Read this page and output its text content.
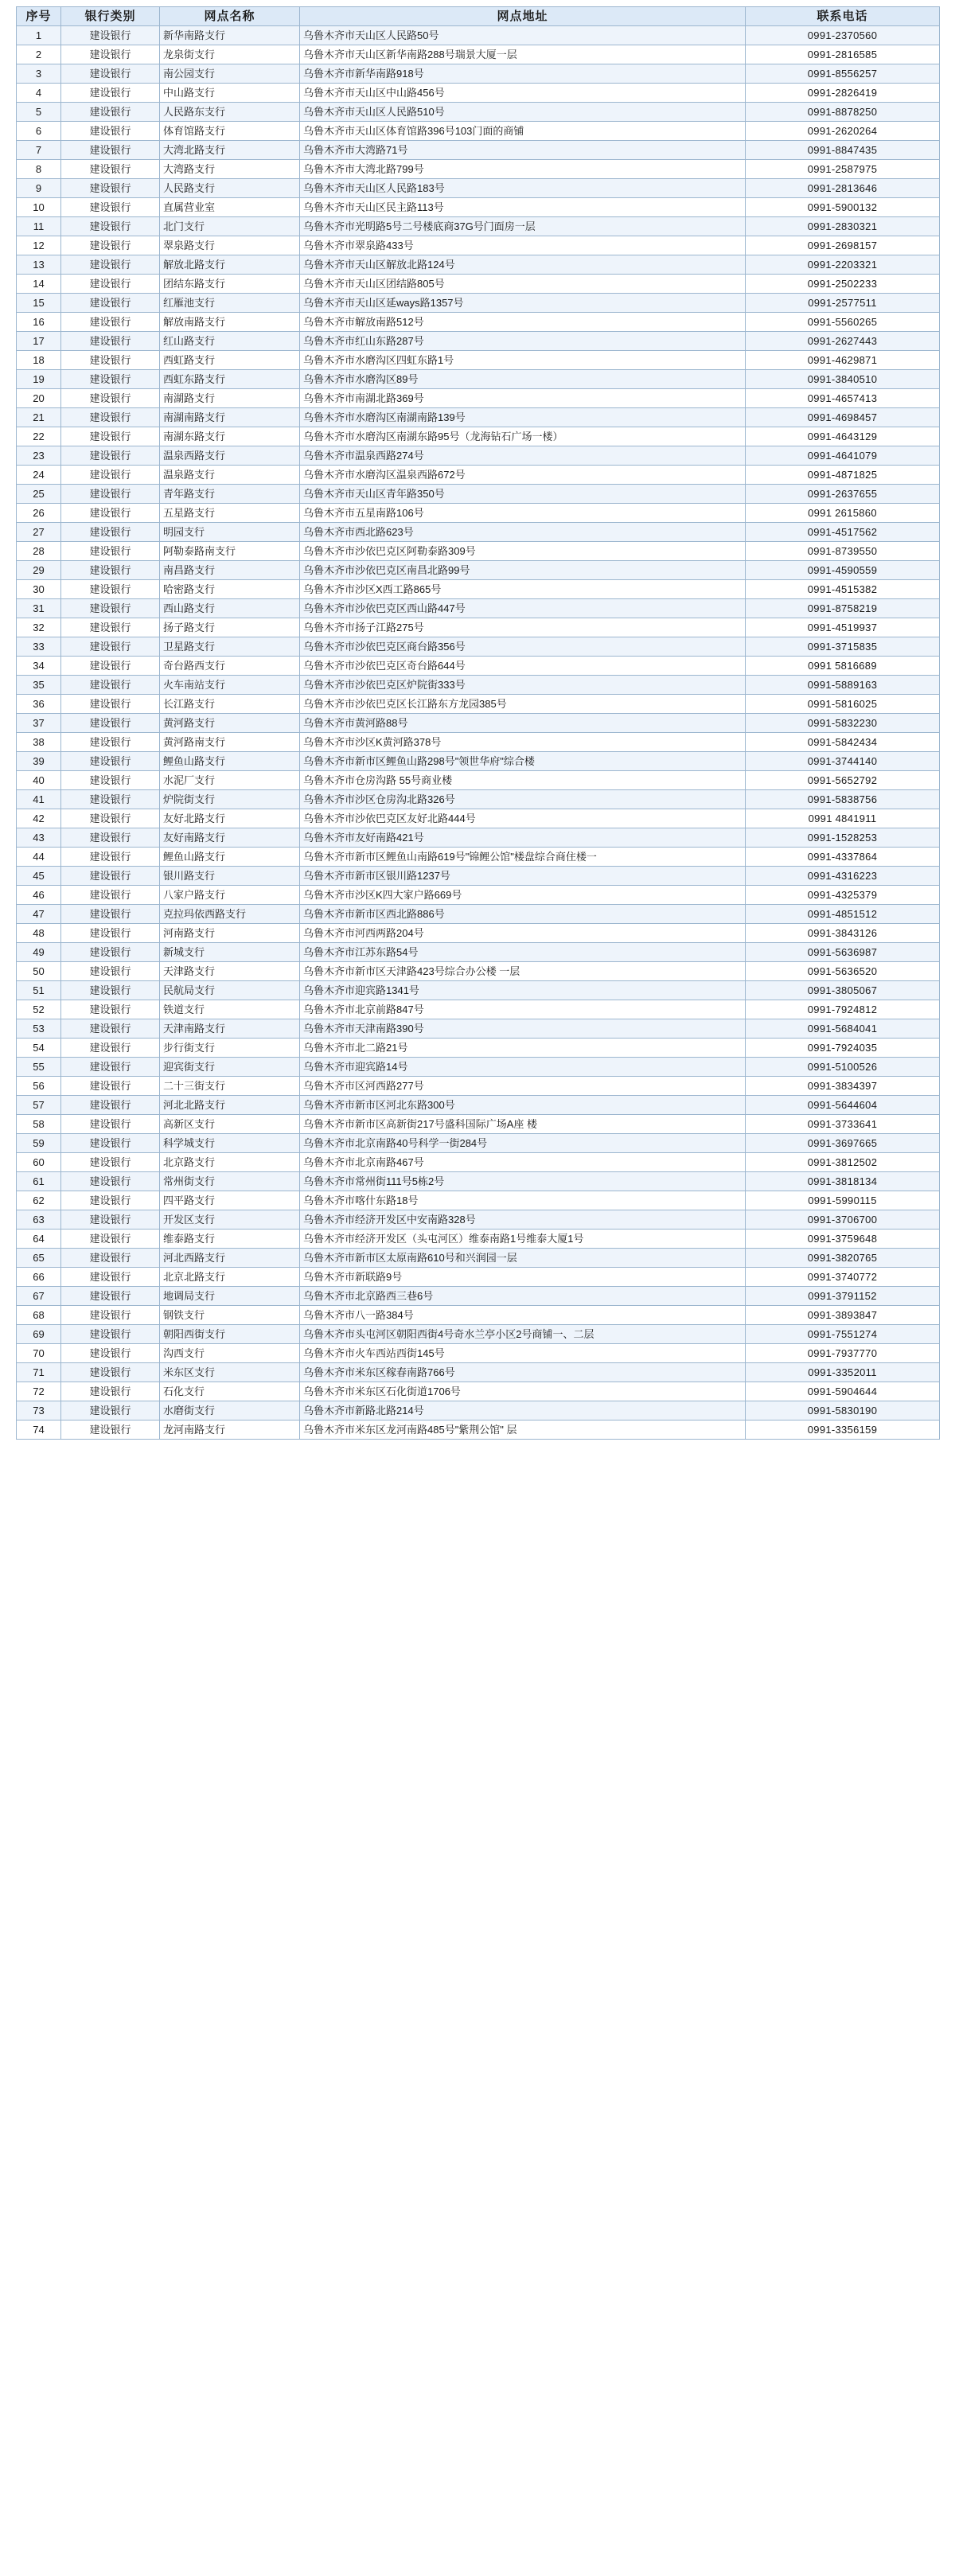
序号	银行类别	网点名称	网点地址	联系电话
1	建设银行	新华南路支行	乌鲁木齐市天山区人民路50号	0991-2370560
2	建设银行	龙泉街支行	乌鲁木齐市天山区新华南路288号瑞景大厦一层	0991-2816585
3	建设银行	南公园支行	乌鲁木齐市新华南路918号	0991-8556257
4	建设银行	中山路支行	乌鲁木齐市天山区中山路456号	0991-2826419
5	建设银行	人民路东支行	乌鲁木齐市天山区人民路510号	0991-8878250
6	建设银行	体育馆路支行	乌鲁木齐市天山区体育馆路396号103门面的商铺	0991-2620264
7	建设银行	大湾北路支行	乌鲁木齐市大湾路71号	0991-8847435
8	建设银行	大湾路支行	乌鲁木齐市大湾北路799号	0991-2587975
9	建设银行	人民路支行	乌鲁木齐市天山区人民路183号	0991-2813646
10	建设银行	直属营业室	乌鲁木齐市天山区民主路113号	0991-5900132
11	建设银行	北门支行	乌鲁木齐市光明路5号二号楼底商37G号门面房一层	0991-2830321
12	建设银行	翠泉路支行	乌鲁木齐市翠泉路433号	0991-2698157
13	建设银行	解放北路支行	乌鲁木齐市天山区解放北路124号	0991-2203321
14	建设银行	团结东路支行	乌鲁木齐市天山区团结路805号	0991-2502233
15	建设银行	红雁池支行	乌鲁木齐市天山区延ways路1357号	0991-2577511
16	建设银行	解放南路支行	乌鲁木齐市解放南路512号	0991-5560265
17	建设银行	红山路支行	乌鲁木齐市红山东路287号	0991-2627443
18	建设银行	西虹路支行	乌鲁木齐市水磨沟区四虹东路1号	0991-4629871
19	建设银行	西虹东路支行	乌鲁木齐市水磨沟区89号	0991-3840510
20	建设银行	南湖路支行	乌鲁木齐市南湖北路369号	0991-4657413
21	建设银行	南湖南路支行	乌鲁木齐市水磨沟区南湖南路139号	0991-4698457
22	建设银行	南湖东路支行	乌鲁木齐市水磨沟区南湖东路95号（龙海钻石广场一楼）	0991-4643129
23	建设银行	温泉西路支行	乌鲁木齐市温泉西路274号	0991-4641079
24	建设银行	温泉路支行	乌鲁木齐市水磨沟区温泉西路672号	0991-4871825
25	建设银行	青年路支行	乌鲁木齐市天山区青年路350号	0991-2637655
26	建设银行	五星路支行	乌鲁木齐市五星南路106号	0991 2615860
27	建设银行	明园支行	乌鲁木齐市西北路623号	0991-4517562
28	建设银行	阿勒泰路南支行	乌鲁木齐市沙依巴克区阿勒泰路309号	0991-8739550
29	建设银行	南昌路支行	乌鲁木齐市沙依巴克区南昌北路99号	0991-4590559
30	建设银行	哈密路支行	乌鲁木齐市沙区X西工路865号	0991-4515382
31	建设银行	西山路支行	乌鲁木齐市沙依巴克区西山路447号	0991-8758219
32	建设银行	扬子路支行	乌鲁木齐市扬子江路275号	0991-4519937
33	建设银行	卫星路支行	乌鲁木齐市沙依巴克区商台路356号	0991-3715835
34	建设银行	奇台路西支行	乌鲁木齐市沙依巴克区奇台路644号	0991 5816689
35	建设银行	火车南站支行	乌鲁木齐市沙依巴克区炉院街333号	0991-5889163
36	建设银行	长江路支行	乌鲁木齐市沙依巴克区长江路东方龙园385号	0991-5816025
37	建设银行	黄河路支行	乌鲁木齐市黄河路88号	0991-5832230
38	建设银行	黄河路南支行	乌鲁木齐市沙区K黄河路378号	0991-5842434
39	建设银行	鲤鱼山路支行	乌鲁木齐市新市区鲤鱼山路298号"领世华府"综合楼	0991-3744140
40	建设银行	水泥厂支行	乌鲁木齐市仓房沟路 55号商业楼	0991-5652792
41	建设银行	炉院街支行	乌鲁木齐市沙区仓房沟北路326号	0991-5838756
42	建设银行	友好北路支行	乌鲁木齐市沙依巴克区友好北路444号	0991 4841911
43	建设银行	友好南路支行	乌鲁木齐市友好南路421号	0991-1528253
44	建设银行	鲤鱼山路支行	乌鲁木齐市新市区鲤鱼山南路619号"锦鲤公馆"楼盘综合商住楼一	0991-4337864
45	建设银行	银川路支行	乌鲁木齐市新市区银川路1237号	0991-4316223
46	建设银行	八家户路支行	乌鲁木齐市沙区K四大家户路669号	0991-4325379
47	建设银行	克拉玛依西路支行	乌鲁木齐市新市区西北路886号	0991-4851512
48	建设银行	河南路支行	乌鲁木齐市河西两路204号	0991-3843126
49	建设银行	新城支行	乌鲁木齐市江苏东路54号	0991-5636987
50	建设银行	天津路支行	乌鲁木齐市新市区天津路423号综合办公楼 一层	0991-5636520
51	建设银行	民航局支行	乌鲁木齐市迎宾路1341号	0991-3805067
52	建设银行	铁道支行	乌鲁木齐市北京前路847号	0991-7924812
53	建设银行	天津南路支行	乌鲁木齐市天津南路390号	0991-5684041
54	建设银行	步行街支行	乌鲁木齐市北二路21号	0991-7924035
55	建设银行	迎宾街支行	乌鲁木齐市迎宾路14号	0991-5100526
56	建设银行	二十三街支行	乌鲁木齐市区河西路277号	0991-3834397
57	建设银行	河北北路支行	乌鲁木齐市新市区河北东路300号	0991-5644604
58	建设银行	高新区支行	乌鲁木齐市新市区高新街217号盛科国际广场A座 楼	0991-3733641
59	建设银行	科学城支行	乌鲁木齐市北京南路40号科学一街284号	0991-3697665
60	建设银行	北京路支行	乌鲁木齐市北京南路467号	0991-3812502
61	建设银行	常州街支行	乌鲁木齐市常州街111号5栋2号	0991-3818134
62	建设银行	四平路支行	乌鲁木齐市喀什东路18号	0991-5990115
63	建设银行	开发区支行	乌鲁木齐市经济开发区中安南路328号	0991-3706700
64	建设银行	维泰路支行	乌鲁木齐市经济开发区（头屯河区）维泰南路1号维泰大厦1号	0991-3759648
65	建设银行	河北西路支行	乌鲁木齐市新市区太原南路610号和兴润园一层	0991-3820765
66	建设银行	北京北路支行	乌鲁木齐市新联路9号	0991-3740772
67	建设银行	地调局支行	乌鲁木齐市北京路西三巷6号	0991-3791152
68	建设银行	钢铁支行	乌鲁木齐市八一路384号	0991-3893847
69	建设银行	朝阳西街支行	乌鲁木齐市头屯河区朝阳西街4号奇水兰亭小区2号商铺一、二层	0991-7551274
70	建设银行	沟西支行	乌鲁木齐市火车西站西街145号	0991-7937770
71	建设银行	米东区支行	乌鲁木齐市米东区稼春南路766号	0991-3352011
72	建设银行	石化支行	乌鲁木齐市米东区石化街道1706号	0991-5904644
73	建设银行	水磨街支行	乌鲁木齐市新路北路214号	0991-5830190
74	建设银行	龙河南路支行	乌鲁木齐市米东区龙河南路485号"紫荆公馆" 层	0991-3356159
